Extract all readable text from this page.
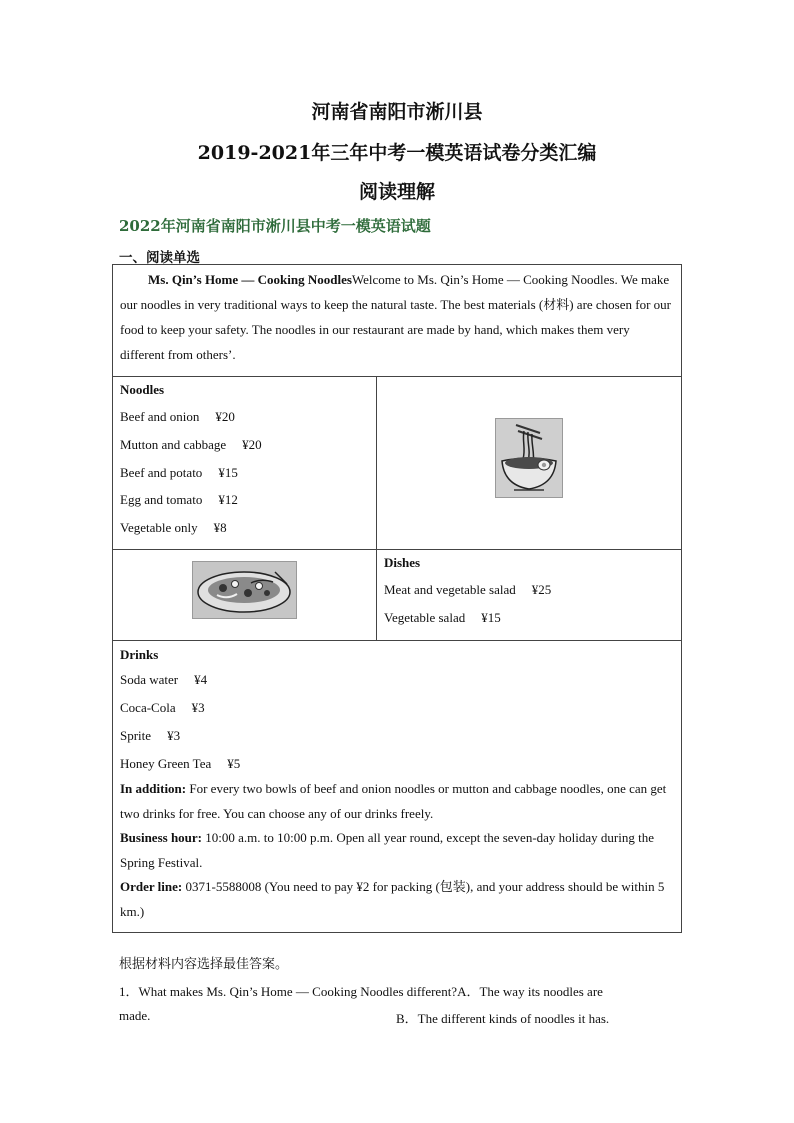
河南省南阳市淅川县
2019-2021年三年中考一模英语试卷分类汇编
阅读理解
2022年河南省南阳市淅川县中考一模英语试题
一、阅读单选
Ms. Qin’s Home — Cooking NoodlesWelcome to Ms. Qin’s Home — Cooking Noodles. We make our noodles in very traditional ways to keep the natural taste. The best materials (材料) are chosen for our food to keep your safety. The noodles in our restaurant are made by hand, which makes them very different from others’.
Noodles
Beef and onion ¥20
Mutton and cabbage ¥20
Beef and potato ¥15
Egg and tomato ¥12
Vegetable only ¥8
Dishes
Meat and vegetable salad ¥25
Vegetable salad ¥15
Drinks
Soda water ¥4
Coca-Cola ¥3
Sprite ¥3
Honey Green Tea ¥5
In addition: For every two bowls of beef and onion noodles or mutton and cabbage noodles, one can get two drinks for free. You can choose any of our drinks freely.
Business hour: 10:00 a.m. to 10:00 p.m. Open all year round, except the seven-day holiday during the Spring Festival.
Order line: 0371-5588008 (You need to pay ¥2 for packing (包装), and your address should be within 5 km.)
根据材料内容选择最佳答案。
1．What makes Ms. Qin’s Home — Cooking Noodles different?A．The way its noodles are
made.	B．The different kinds of noodles it has.
